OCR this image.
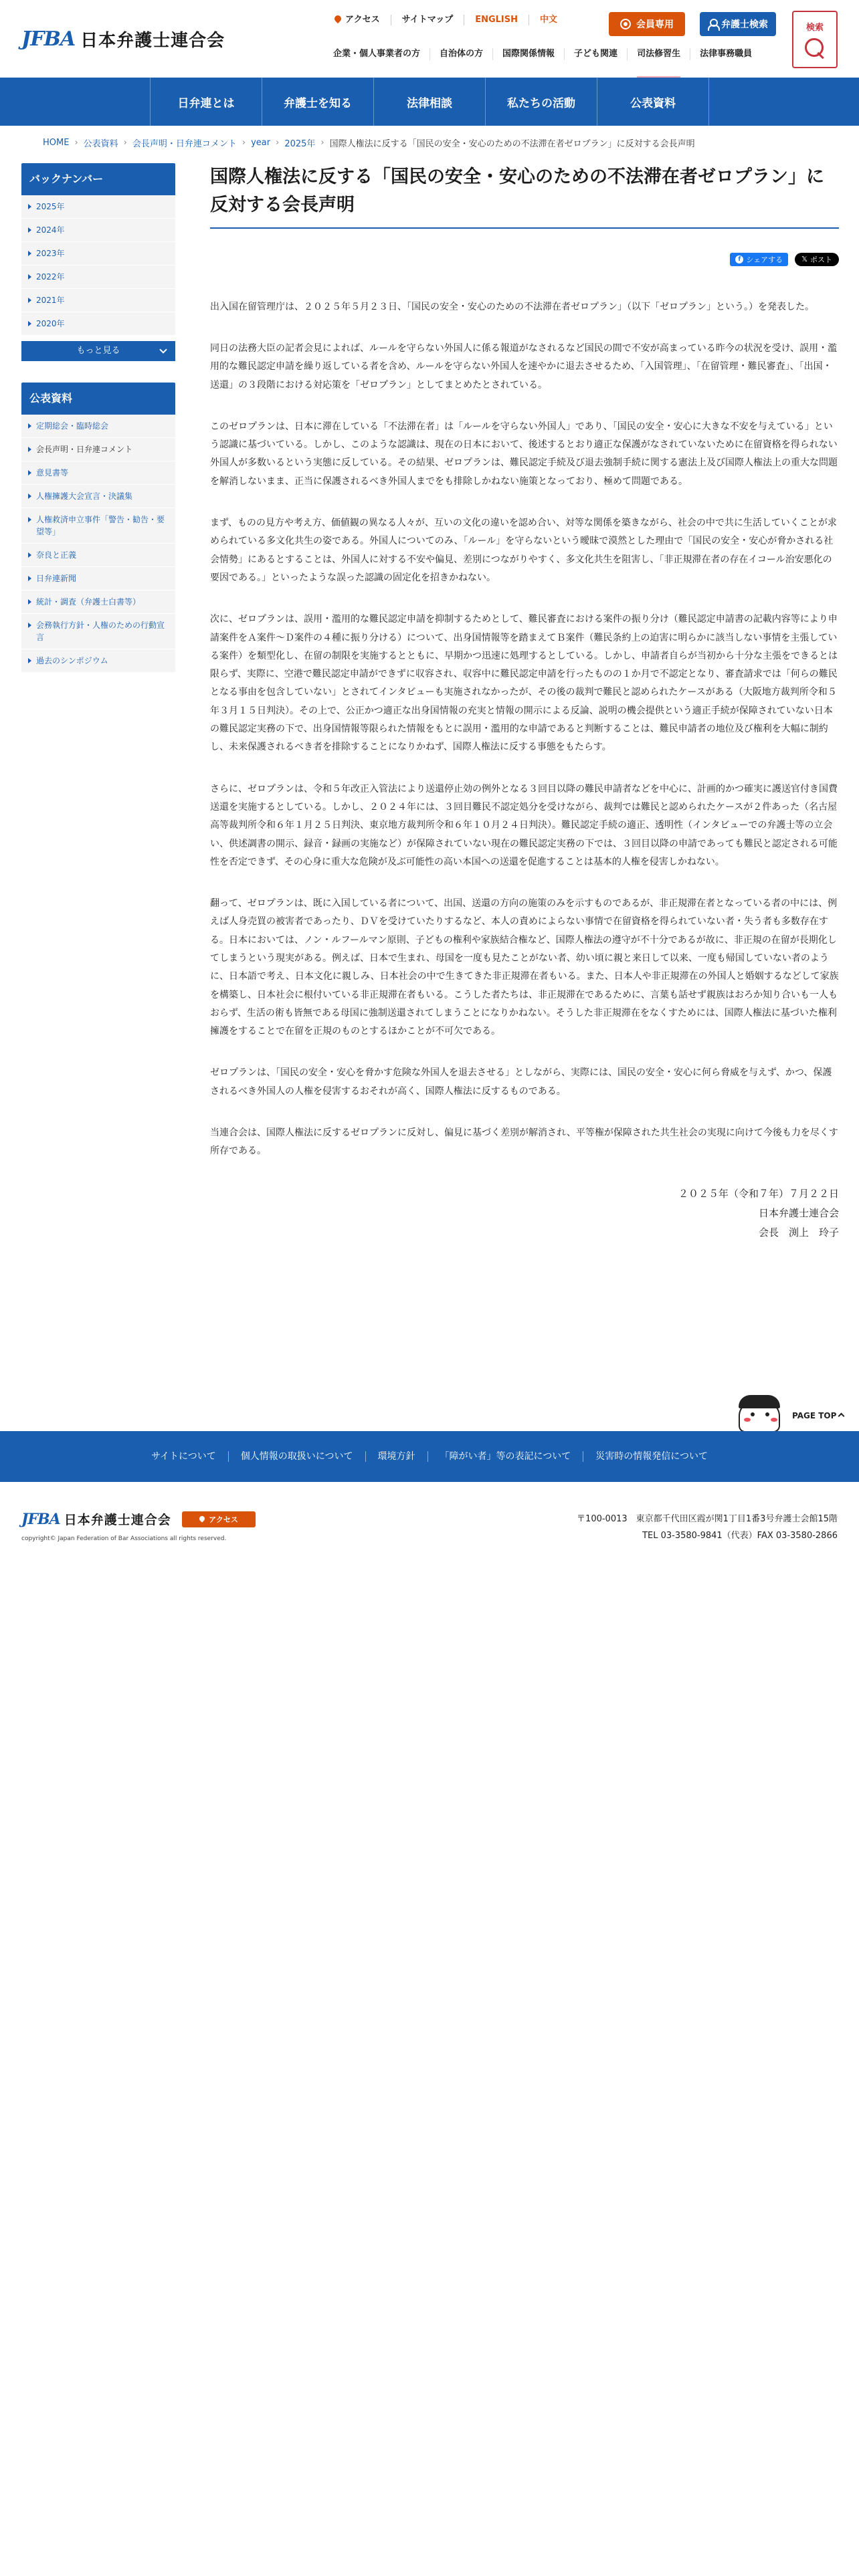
JFBA 日本弁護士連合会
アクセス	サイトマップ	ENGLISH	中文	会員専用	弁護士検索
企業・個人事業者の方	自治体の方	国際関係情報	子ども関連	司法修習生	法律事務職員
検索
日弁連とは	弁護士を知る	法律相談	私たちの活動	公表資料
HOME › 公表資料 › 会長声明・日弁連コメント › year › 2025年 › 国際人権法に反する「国民の安全・安心のための不法滞在者ゼロプラン」に反対する会長声明
バックナンバー
2025年
2024年
2023年
2022年
2021年
2020年
もっと見る
公表資料
定期総会・臨時総会
会長声明・日弁連コメント
意見書等
人権擁護大会宣言・決議集
人権救済申立事件「警告・勧告・要望等」
奈良と正義
日弁連新聞
統計・調査（弁護士白書等）
会務執行方針・人権のための行動宣言
過去のシンポジウム
国際人権法に反する「国民の安全・安心のための不法滞在者ゼロプラン」に反対する会長声明
f シェアする	𝕏 ポスト

出入国在留管理庁は、２０２５年５月２３日、「国民の安全・安心のための不法滞在者ゼロプラン」（以下「ゼロプラン」という。）を発表した。

同日の法務大臣の記者会見によれば、ルールを守らない外国人に係る報道がなされるなど国民の間で不安が高まっている昨今の状況を受け、誤用・濫用的な難民認定申請を繰り返している者を含め、ルールを守らない外国人を速やかに退去させるため、「入国管理」、「在留管理・難民審査」、「出国・送還」の３段階における対応策を「ゼロプラン」としてまとめたとされている。

このゼロプランは、日本に滞在している「不法滞在者」は「ルールを守らない外国人」であり、「国民の安全・安心に大きな不安を与えている」という認識に基づいている。しかし、このような認識は、現在の日本において、後述するとおり適正な保護がなされていないために在留資格を得られない外国人が多数いるという実態に反している。その結果、ゼロプランは、難民認定手続及び退去強制手続に関する憲法上及び国際人権法上の重大な問題を解消しないまま、正当に保護されるべき外国人までをも排除しかねない施策となっており、極めて問題である。

まず、ものの見方や考え方、価値観の異なる人々が、互いの文化の違いを認め合い、対等な関係を築きながら、社会の中で共に生活していくことが求められている多文化共生の姿である。外国人についてのみ、「ルール」を守らないという曖昧で漠然とした理由で「国民の安全・安心が脅かされる社会情勢」にあるとすることは、外国人に対する不安や偏見、差別につながりやすく、多文化共生を阻害し、「非正規滞在者の存在イコール治安悪化の要因である。」といったような誤った認識の固定化を招きかねない。

次に、ゼロプランは、誤用・濫用的な難民認定申請を抑制するためとして、難民審査における案件の振り分け（難民認定申請書の記載内容等により申請案件をＡ案件〜Ｄ案件の４種に振り分ける）について、出身国情報等を踏まえてＢ案件（難民条約上の迫害に明らかに該当しない事情を主張している案件）を類型化し、在留の制限を実施するとともに、早期かつ迅速に処理するとしている。しかし、申請者自らが当初から十分な主張をできるとは限らず、実際に、空港で難民認定申請ができずに収容され、収容中に難民認定申請を行ったものの１か月で不認定となり、審査請求では「何らの難民となる事由を包含していない」とされてインタビューも実施されなかったが、その後の裁判で難民と認められたケースがある（大阪地方裁判所令和５年３月１５日判決）。その上で、公正かつ適正な出身国情報の充実と情報の開示による反論、説明の機会提供という適正手続が保障されていない日本の難民認定実務の下で、出身国情報等限られた情報をもとに誤用・濫用的な申請であると判断することは、難民申請者の地位及び権利を大幅に制約し、未来保護されるべき者を排除することになりかねず、国際人権法に反する事態をもたらす。

さらに、ゼロプランは、令和５年改正入管法により送還停止効の例外となる３回目以降の難民申請者などを中心に、計画的かつ確実に護送官付き国費送還を実施するとしている。しかし、２０２４年には、３回目難民不認定処分を受けながら、裁判では難民と認められたケースが２件あった（名古屋高等裁判所令和６年１月２５日判決、東京地方裁判所令和６年１０月２４日判決）。難民認定手続の適正、透明性（インタビューでの弁護士等の立会い、供述調書の開示、録音・録画の実施など）が保障されていない現在の難民認定実務の下では、３回目以降の申請であっても難民と認定される可能性を否定できず、その心身に重大な危険が及ぶ可能性の高い本国への送還を促進することは基本的人権を侵害しかねない。

翻って、ゼロプランは、既に入国している者について、出国、送還の方向の施策のみを示すものであるが、非正規滞在者となっている者の中には、例えば人身売買の被害者であったり、ＤＶを受けていたりするなど、本人の責めによらない事情で在留資格を得られていない者・失う者も多数存在する。日本においては、ノン・ルフールマン原則、子どもの権利や家族結合権など、国際人権法の遵守が不十分であるが故に、非正規の在留が長期化してしまうという現実がある。例えば、日本で生まれ、母国を一度も見たことがない者、幼い頃に親と来日して以来、一度も帰国していない者のように、日本語で考え、日本文化に親しみ、日本社会の中で生きてきた非正規滞在者もいる。また、日本人や非正規滞在の外国人と婚姻するなどして家族を構築し、日本社会に根付いている非正規滞在者もいる。こうした者たちは、非正規滞在であるために、言葉も話せず親族はおろか知り合いも一人もおらず、生活の術も皆無である母国に強制送還されてしまうことになりかねない。そうした非正規滞在をなくすためには、国際人権法に基づいた権利擁護をすることで在留を正規のものとするほかことが不可欠である。

ゼロプランは、「国民の安全・安心を脅かす危険な外国人を退去させる」としながら、実際には、国民の安全・安心に何ら脅威を与えず、かつ、保護されるべき外国人の人権を侵害するおそれが高く、国際人権法に反するものである。

当連合会は、国際人権法に反するゼロプランに反対し、偏見に基づく差別が解消され、平等権が保障された共生社会の実現に向けて今後も力を尽くす所存である。

２０２５年（令和７年）７月２２日
日本弁護士連合会
会長　渕上　玲子
PAGE TOP
サイトについて	個人情報の取扱いについて	環境方針	「障がい者」等の表記について	災害時の情報発信について
JFBA 日本弁護士連合会	アクセス
copyright© Japan Federation of Bar Associations all rights reserved.
〒100-0013　東京都千代田区霞が関1丁目1番3号弁護士会館15階
TEL 03-3580-9841（代表）FAX 03-3580-2866
